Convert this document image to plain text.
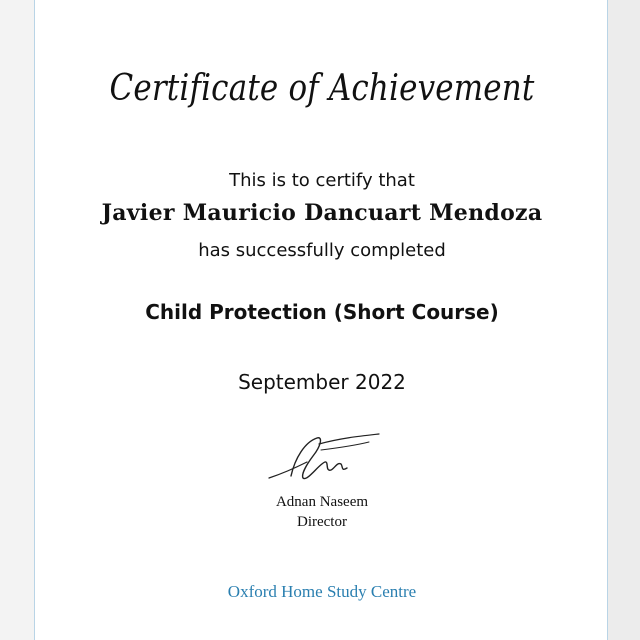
Certificate of Achievement
This is to certify that
Javier Mauricio Dancuart Mendoza
has successfully completed
Child Protection (Short Course)
September 2022
Adnan Naseem
Director
Oxford Home Study Centre
